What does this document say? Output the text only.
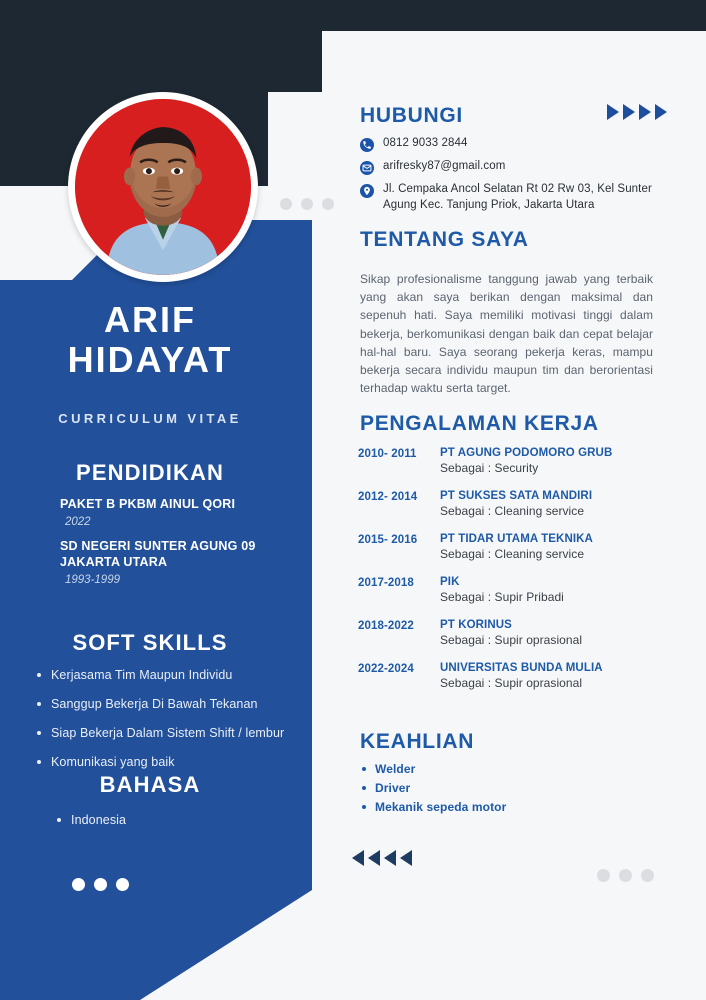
ARIF
HIDAYAT
CURRICULUM VITAE
PENDIDIKAN
PAKET B PKBM AINUL QORI
2022
SD NEGERI SUNTER AGUNG 09 JAKARTA UTARA
1993-1999
SOFT SKILLS
Kerjasama Tim Maupun Individu
Sanggup Bekerja Di Bawah Tekanan
Siap Bekerja Dalam Sistem Shift / lembur
Komunikasi yang baik
BAHASA
Indonesia
HUBUNGI
0812 9033 2844
arifresky87@gmail.com
Jl. Cempaka Ancol Selatan Rt 02 Rw 03, Kel Sunter Agung Kec. Tanjung Priok, Jakarta Utara
TENTANG SAYA

Sikap profesionalisme tanggung jawab yang terbaik yang akan saya berikan dengan maksimal dan sepenuh hati. Saya memiliki motivasi tinggi dalam bekerja, berkomunikasi dengan baik dan cepat belajar hal-hal baru. Saya seorang pekerja keras, mampu bekerja secara individu maupun tim dan berorientasi terhadap waktu serta target.

PENGALAMAN KERJA
2010- 2011	PT AGUNG PODOMORO GRUB
Sebagai : Security
2012- 2014	PT SUKSES SATA MANDIRI
Sebagai : Cleaning service
2015- 2016	PT TIDAR UTAMA TEKNIKA
Sebagai : Cleaning service
2017-2018	PIK
Sebagai : Supir Pribadi
2018-2022	PT KORINUS
Sebagai : Supir oprasional
2022-2024	UNIVERSITAS BUNDA MULIA
Sebagai : Supir oprasional
KEAHLIAN
Welder
Driver
Mekanik sepeda motor
